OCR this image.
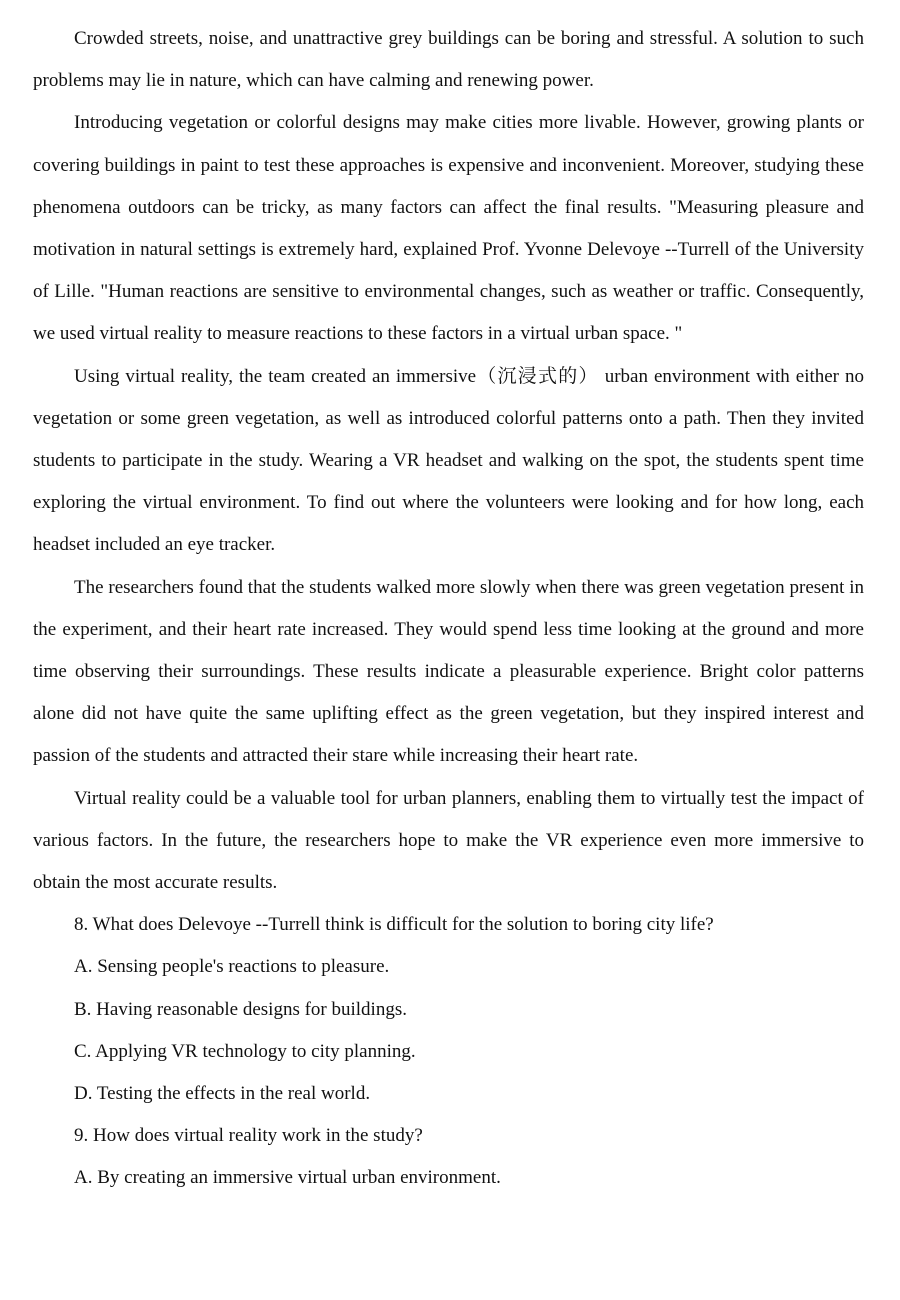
Crowded streets, noise, and unattractive grey buildings can be boring and stressful. A solution to such problems may lie in nature, which can have calming and renewing power.

Introducing vegetation or colorful designs may make cities more livable. However, growing plants or covering buildings in paint to test these approaches is expensive and inconvenient. Moreover, studying these phenomena outdoors can be tricky, as many factors can affect the final results. "Measuring pleasure and motivation in natural settings is extremely hard, explained Prof. Yvonne Delevoye --Turrell of the University of Lille. "Human reactions are sensitive to environmental changes, such as weather or traffic. Consequently, we used virtual reality to measure reactions to these factors in a virtual urban space. "

Using virtual reality, the team created an immersive（沉浸式的） urban environment with either no vegetation or some green vegetation, as well as introduced colorful patterns onto a path. Then they invited students to participate in the study. Wearing a VR headset and walking on the spot, the students spent time exploring the virtual environment. To find out where the volunteers were looking and for how long, each headset included an eye tracker.

The researchers found that the students walked more slowly when there was green vegetation present in the experiment, and their heart rate increased. They would spend less time looking at the ground and more time observing their surroundings. These results indicate a pleasurable experience. Bright color patterns alone did not have quite the same uplifting effect as the green vegetation, but they inspired interest and passion of the students and attracted their stare while increasing their heart rate.

Virtual reality could be a valuable tool for urban planners, enabling them to virtually test the impact of various factors. In the future, the researchers hope to make the VR experience even more immersive to obtain the most accurate results.

8. What does Delevoye --Turrell think is difficult for the solution to boring city life?

A. Sensing people's reactions to pleasure.

B. Having reasonable designs for buildings.

C. Applying VR technology to city planning.

D. Testing the effects in the real world.

9. How does virtual reality work in the study?

A. By creating an immersive virtual urban environment.
